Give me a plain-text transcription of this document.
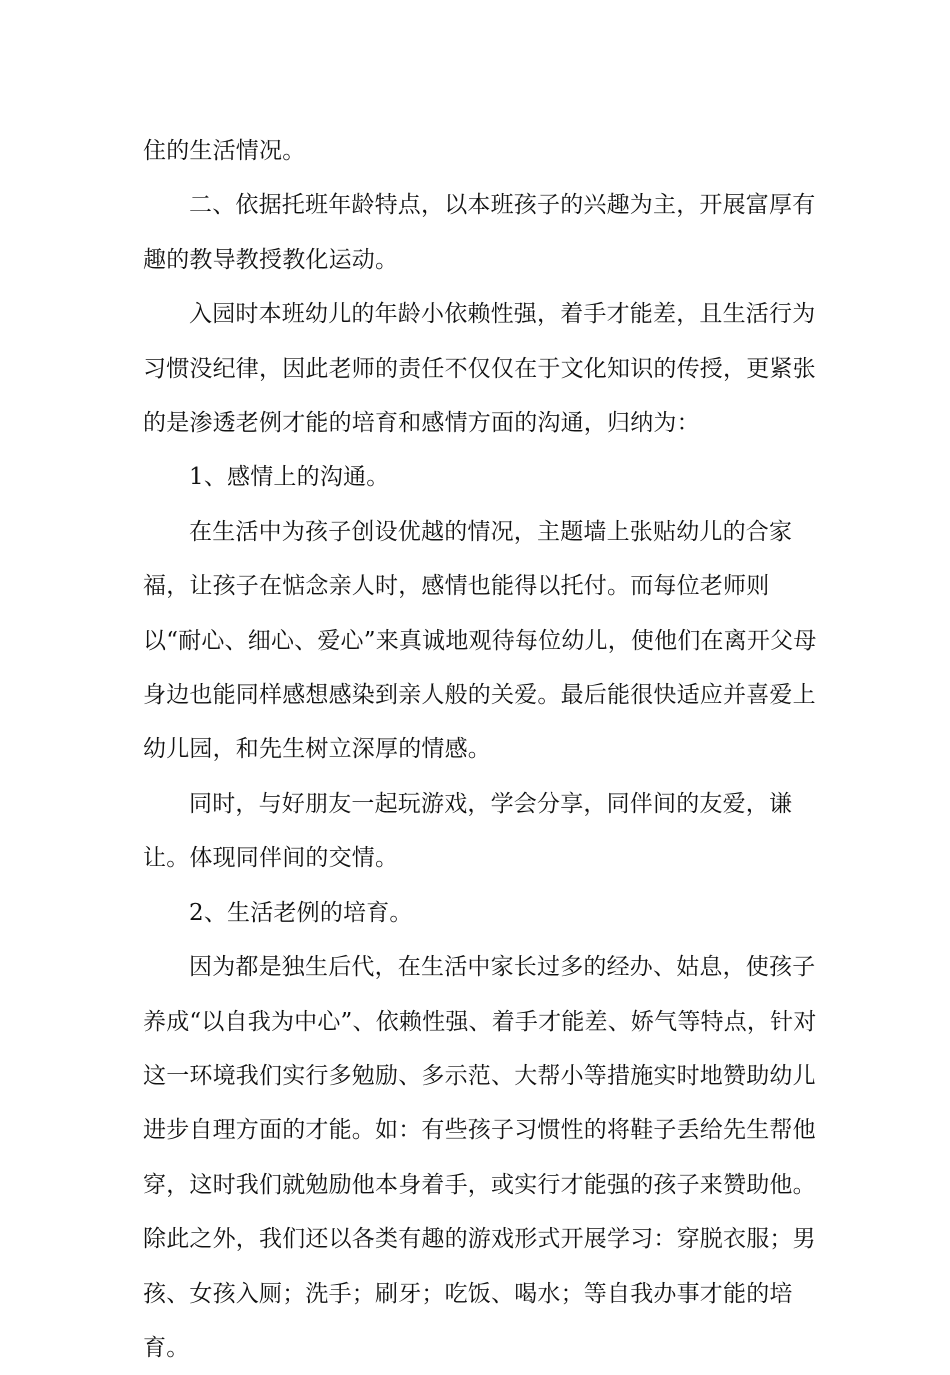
住的生活情况。

二、依据托班年龄特点，以本班孩子的兴趣为主，开展富厚有趣的教导教授教化运动。

入园时本班幼儿的年龄小依赖性强，着手才能差，且生活行为习惯没纪律，因此老师的责任不仅仅在于文化知识的传授，更紧张的是渗透老例才能的培育和感情方面的沟通，归纳为：

1、感情上的沟通。

在生活中为孩子创设优越的情况，主题墙上张贴幼儿的合家福，让孩子在惦念亲人时，感情也能得以托付。而每位老师则以“耐心、细心、爱心”来真诚地观待每位幼儿，使他们在离开父母身边也能同样感想感染到亲人般的关爱。最后能很快适应并喜爱上幼儿园，和先生树立深厚的情感。

同时，与好朋友一起玩游戏，学会分享，同伴间的友爱，谦让。体现同伴间的交情。

2、生活老例的培育。

因为都是独生后代，在生活中家长过多的经办、姑息，使孩子养成“以自我为中心”、依赖性强、着手才能差、娇气等特点，针对这一环境我们实行多勉励、多示范、大帮小等措施实时地赞助幼儿进步自理方面的才能。如：有些孩子习惯性的将鞋子丢给先生帮他穿，这时我们就勉励他本身着手，或实行才能强的孩子来赞助他。除此之外，我们还以各类有趣的游戏形式开展学习：穿脱衣服；男孩、女孩入厕；洗手；刷牙；吃饭、喝水；等自我办事才能的培育。
